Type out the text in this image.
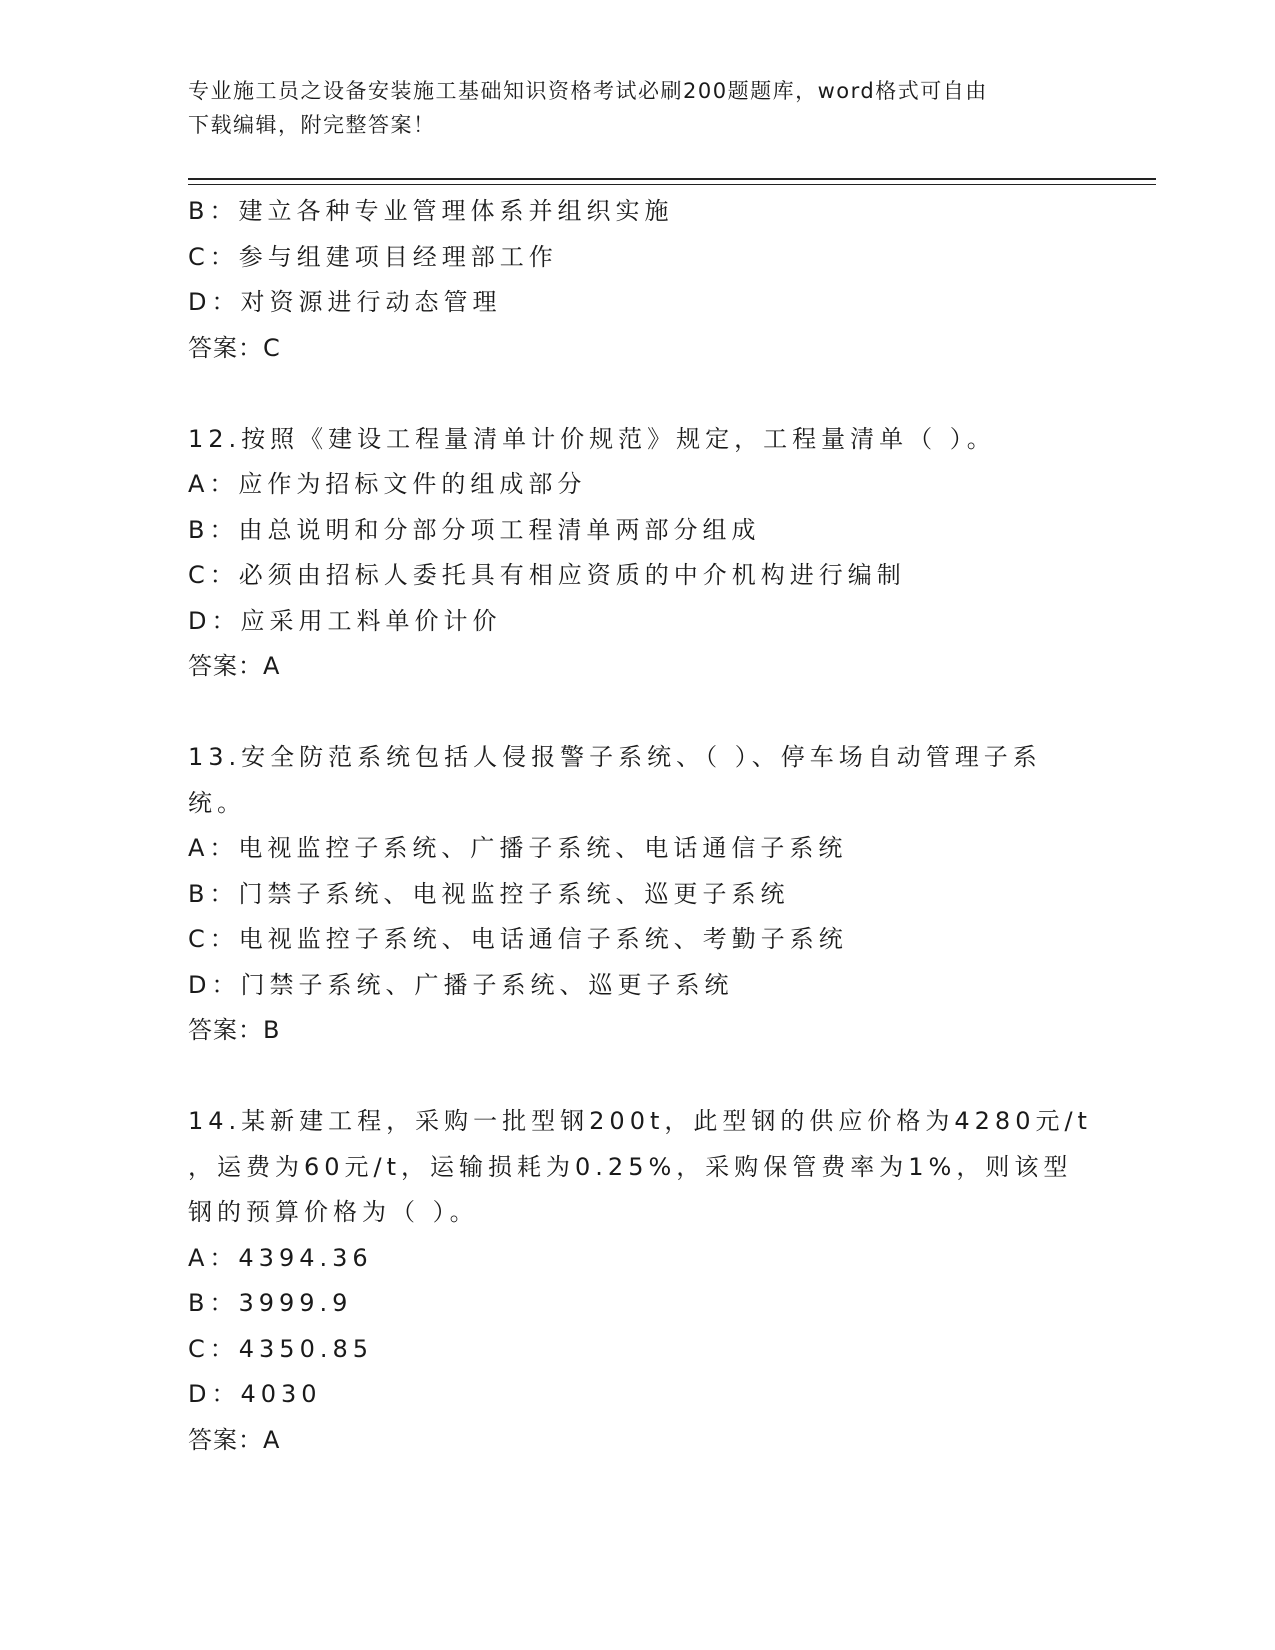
专业施工员之设备安装施工基础知识资格考试必刷200题题库，word格式可自由
下载编辑，附完整答案！
B：建立各种专业管理体系并组织实施
C：参与组建项目经理部工作
D：对资源进行动态管理
答案：C
12.按照《建设工程量清单计价规范》规定，工程量清单（ ）。
A：应作为招标文件的组成部分
B：由总说明和分部分项工程清单两部分组成
C：必须由招标人委托具有相应资质的中介机构进行编制
D：应采用工料单价计价
答案：A
13.安全防范系统包括人侵报警子系统、（ ）、停车场自动管理子系
统。
A：电视监控子系统、广播子系统、电话通信子系统
B：门禁子系统、电视监控子系统、巡更子系统
C：电视监控子系统、电话通信子系统、考勤子系统
D：门禁子系统、广播子系统、巡更子系统
答案：B
14.某新建工程，采购一批型钢200t，此型钢的供应价格为4280元/t
，运费为60元/t，运输损耗为0.25%，采购保管费率为1%，则该型
钢的预算价格为（ ）。
A：4394.36
B：3999.9
C：4350.85
D：4030
答案：A
